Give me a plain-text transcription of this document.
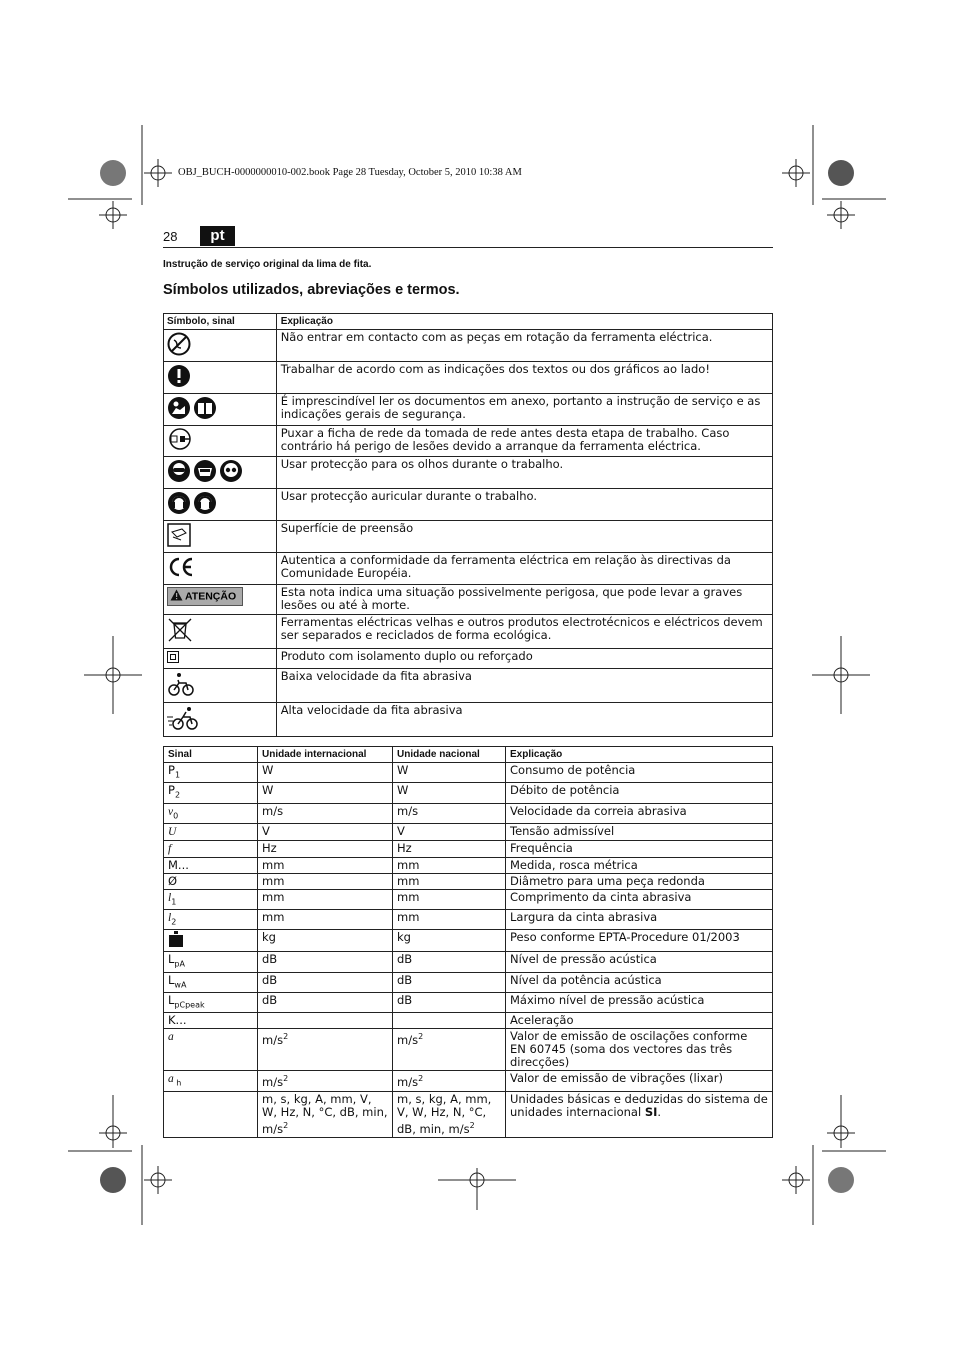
OBJ_BUCH-0000000010-002.book Page 28 Tuesday, October 5, 2010 10:38 AM
28	pt
Instrução de serviço original da lima de fita.
Símbolos utilizados, abreviações e termos.
Símbolo, sinal	Explicação
	Não entrar em contacto com as peças em rotação da ferramenta eléctrica.
	Trabalhar de acordo com as indicações dos textos ou dos gráficos ao lado!
	É imprescindível ler os documentos em anexo, portanto a instrução de serviço e as indicações gerais de segurança.
	Puxar a ficha de rede da tomada de rede antes desta etapa de trabalho. Caso contrário há perigo de lesões devido a arranque da ferramenta eléctrica.
	Usar protecção para os olhos durante o trabalho.
	Usar protecção auricular durante o trabalho.
	Superfície de preensão
	Autentica a conformidade da ferramenta eléctrica em relação às directivas da Comunidade Européia.
ATENÇÃO	Esta nota indica uma situação possivelmente perigosa, que pode levar a graves lesões ou até à morte.
	Ferramentas eléctricas velhas e outros produtos electrotécnicos e eléctricos devem ser separados e reciclados de forma ecológica.
	Produto com isolamento duplo ou reforçado
	Baixa velocidade da fita abrasiva
	Alta velocidade da fita abrasiva
Sinal	Unidade internacional	Unidade nacional	Explicação
$P_1$	W	W	Consumo de potência
$P_2$	W	W	Débito de potência
$v_0$	m/s	m/s	Velocidade da correia abrasiva
U	V	V	Tensão admissível
f	Hz	Hz	Frequência
M...	mm	mm	Medida, rosca métrica
Ø	mm	mm	Diâmetro para uma peça redonda
$l_1$	mm	mm	Comprimento da cinta abrasiva
$l_2$	mm	mm	Largura da cinta abrasiva
	kg	kg	Peso conforme EPTA-Procedure 01/2003
$L_{pA}$	dB	dB	Nível de pressão acústica
$L_{wA}$	dB	dB	Nível da potência acústica
$L_{pCpeak}$	dB	dB	Máximo nível de pressão acústica
K...			Aceleração
a	$m/s^2$	$m/s^2$	Valor de emissão de oscilações conforme
EN 60745 (soma dos vectores das três direcções)
a $_h$	$m/s^2$	$m/s^2$	Valor de emissão de vibrações (lixar)
	m, s, kg, A, mm, V, W, Hz, N, °C, dB, min, $m/s^2$	m, s, kg, A, mm, V, W, Hz, N, °C, dB, min, $m/s^2$	Unidades básicas e deduzidas do sistema de unidades internacional SI.
